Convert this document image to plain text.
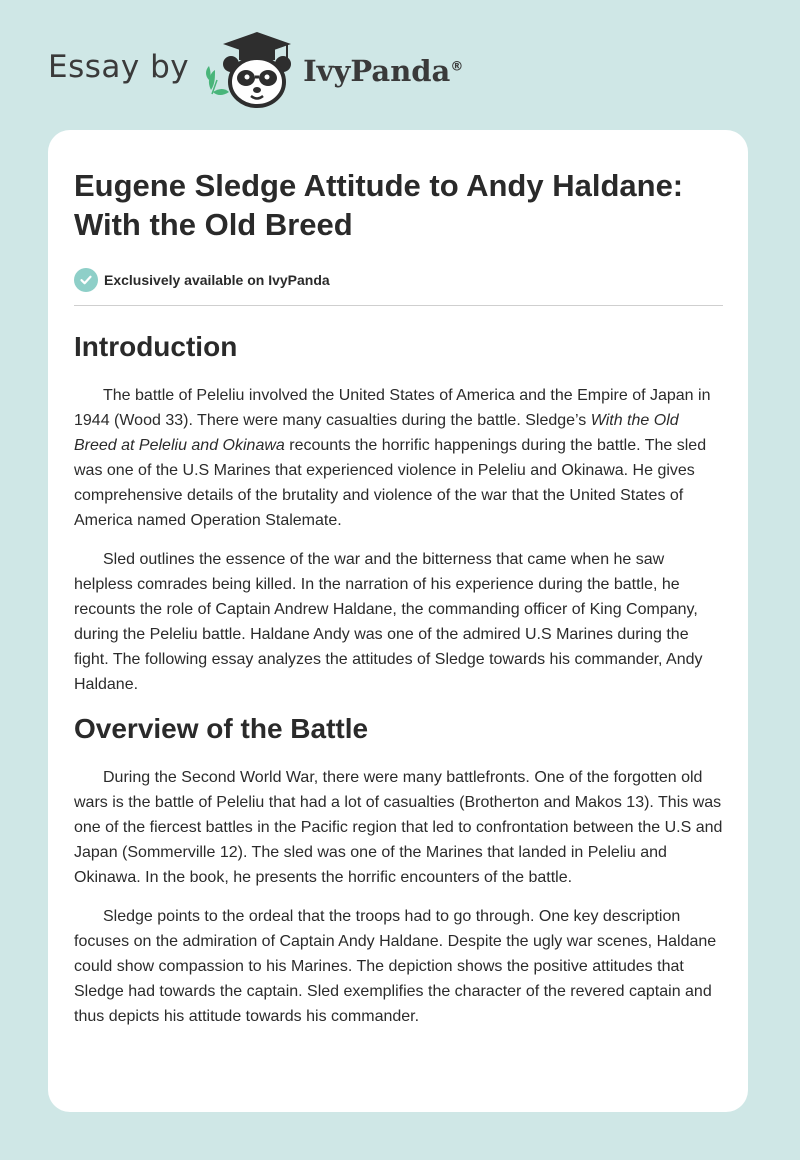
Essay by	IvyPanda®
Eugene Sledge Attitude to Andy Haldane: With the Old Breed
Exclusively available on IvyPanda
Introduction

The battle of Peleliu involved the United States of America and the Empire of Japan in 1944 (Wood 33). There were many casualties during the battle. Sledge’s With the Old Breed at Peleliu and Okinawa recounts the horrific happenings during the battle. The sled was one of the U.S Marines that experienced violence in Peleliu and Okinawa. He gives comprehensive details of the brutality and violence of the war that the United States of America named Operation Stalemate.

Sled outlines the essence of the war and the bitterness that came when he saw helpless comrades being killed. In the narration of his experience during the battle, he recounts the role of Captain Andrew Haldane, the commanding officer of King Company, during the Peleliu battle. Haldane Andy was one of the admired U.S Marines during the fight. The following essay analyzes the attitudes of Sledge towards his commander, Andy Haldane.

Overview of the Battle

During the Second World War, there were many battlefronts. One of the forgotten old wars is the battle of Peleliu that had a lot of casualties (Brotherton and Makos 13). This was one of the fiercest battles in the Pacific region that led to confrontation between the U.S and Japan (Sommerville 12). The sled was one of the Marines that landed in Peleliu and Okinawa. In the book, he presents the horrific encounters of the battle.

Sledge points to the ordeal that the troops had to go through. One key description focuses on the admiration of Captain Andy Haldane. Despite the ugly war scenes, Haldane could show compassion to his Marines. The depiction shows the positive attitudes that Sledge had towards the captain. Sled exemplifies the character of the revered captain and thus depicts his attitude towards his commander.
